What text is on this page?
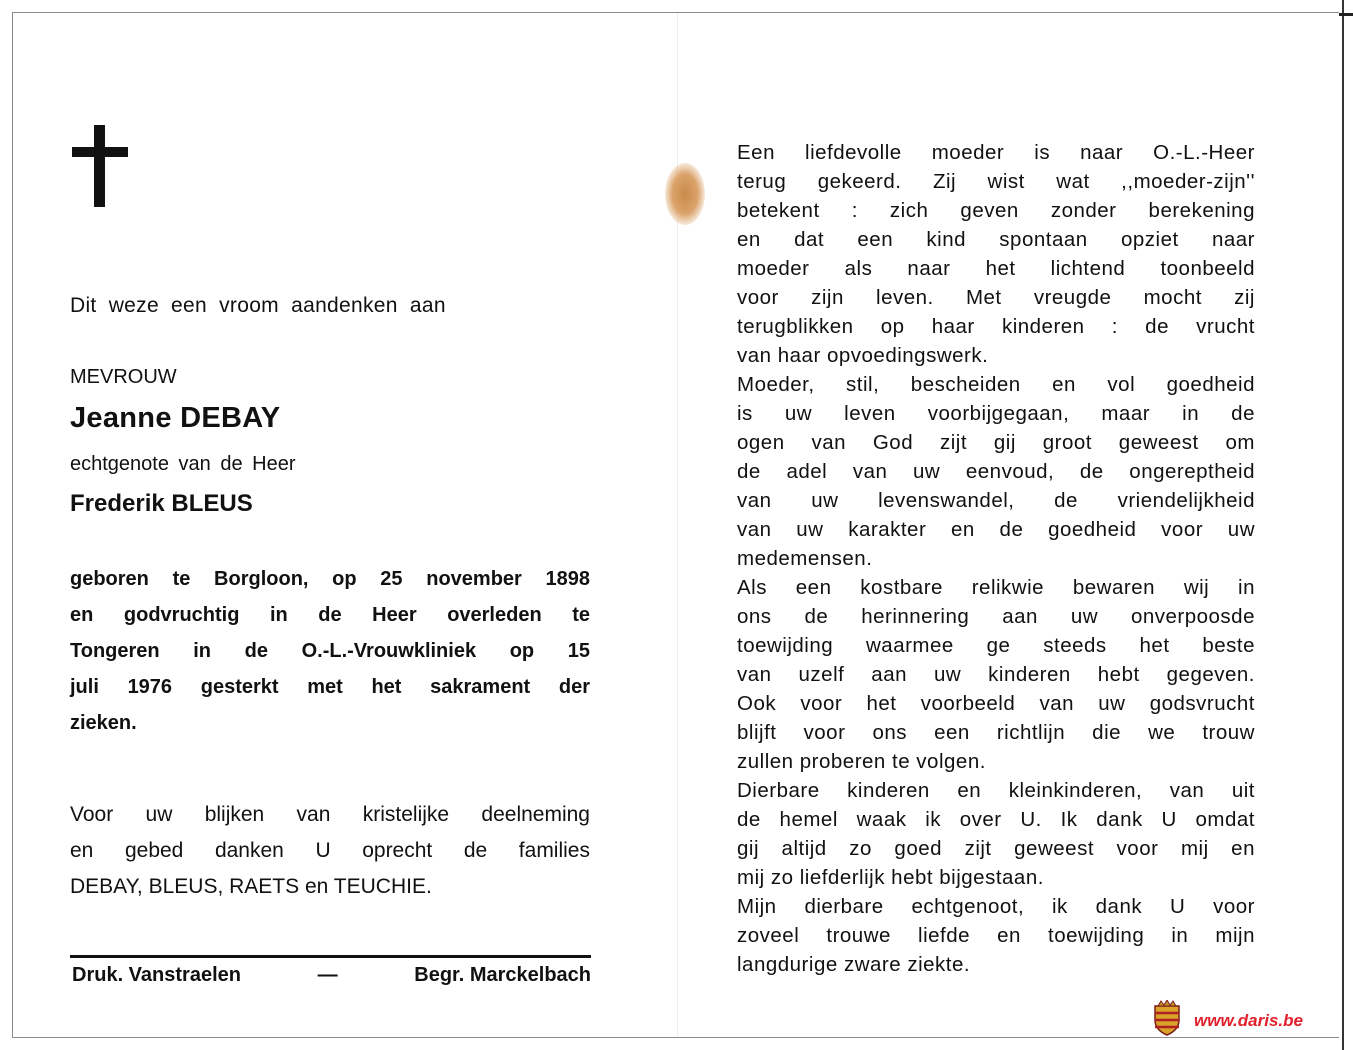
Dit weze een vroom aandenken aan
MEVROUW
Jeanne DEBAY
echtgenote van de Heer
Frederik BLEUS
geboren te Borgloon, op 25 november 1898
en godvruchtig in de Heer overleden te
Tongeren in de O.-L.-Vrouwkliniek op 15
juli 1976 gesterkt met het sakrament der
zieken.
Voor uw blijken van kristelijke deelneming
en gebed danken U oprecht de families
DEBAY, BLEUS, RAETS en TEUCHIE.
Druk. Vanstraelen	—	Begr. Marckelbach
Een liefdevolle moeder is naar O.-L.-Heer
terug gekeerd. Zij wist wat ,,moeder-zijn''
betekent : zich geven zonder berekening
en dat een kind spontaan opziet naar
moeder als naar het lichtend toonbeeld
voor zijn leven. Met vreugde mocht zij
terugblikken op haar kinderen : de vrucht
van haar opvoedingswerk.
Moeder, stil, bescheiden en vol goedheid
is uw leven voorbijgegaan, maar in de
ogen van God zijt gij groot geweest om
de adel van uw eenvoud, de ongereptheid
van uw levenswandel, de vriendelijkheid
van uw karakter en de goedheid voor uw
medemensen.
Als een kostbare relikwie bewaren wij in
ons de herinnering aan uw onverpoosde
toewijding waarmee ge steeds het beste
van uzelf aan uw kinderen hebt gegeven.
Ook voor het voorbeeld van uw godsvrucht
blijft voor ons een richtlijn die we trouw
zullen proberen te volgen.
Dierbare kinderen en kleinkinderen, van uit
de hemel waak ik over U. Ik dank U omdat
gij altijd zo goed zijt geweest voor mij en
mij zo liefderlijk hebt bijgestaan.
Mijn dierbare echtgenoot, ik dank U voor
zoveel trouwe liefde en toewijding in mijn
langdurige zware ziekte.
www.daris.be
